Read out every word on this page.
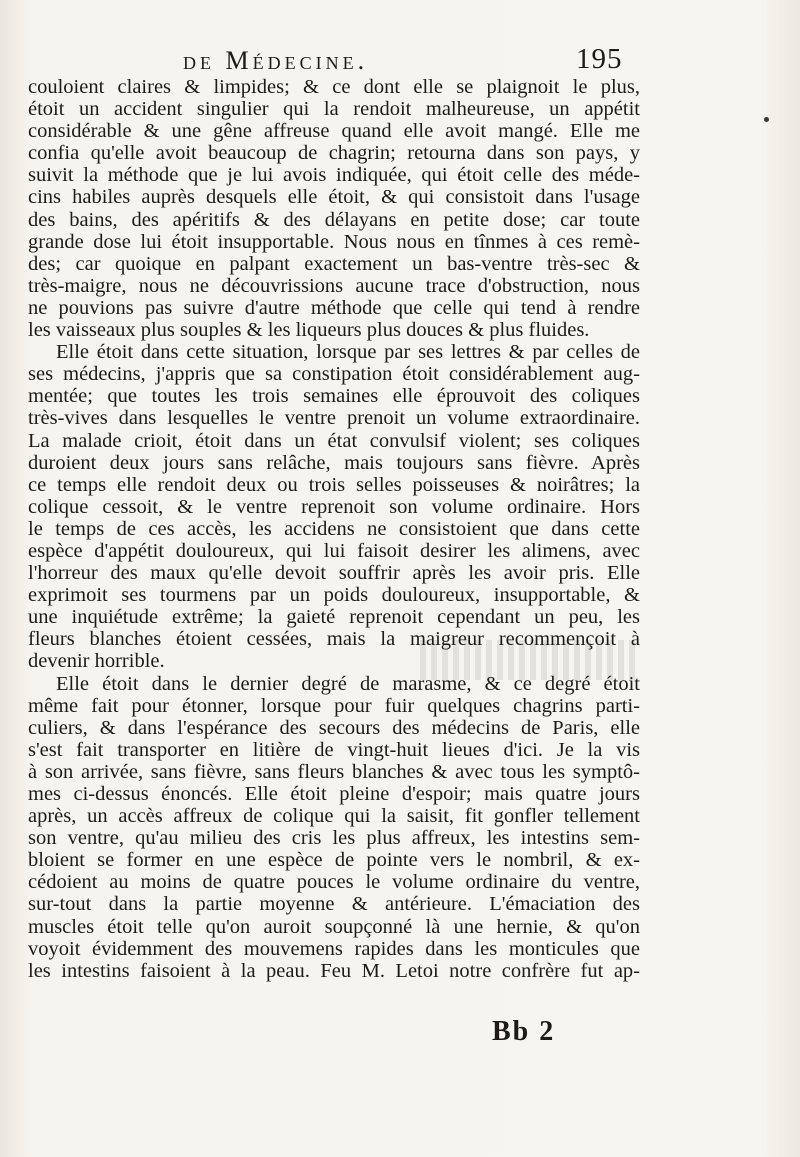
de Médecine.	195
couloient claires & limpides; & ce dont elle se plaignoit le plus,
étoit un accident singulier qui la rendoit malheureuse, un appétit
considérable & une gêne affreuse quand elle avoit mangé. Elle me
confia qu'elle avoit beaucoup de chagrin; retourna dans son pays, y
suivit la méthode que je lui avois indiquée, qui étoit celle des méde-
cins habiles auprès desquels elle étoit, & qui consistoit dans l'usage
des bains, des apéritifs & des délayans en petite dose; car toute
grande dose lui étoit insupportable. Nous nous en tînmes à ces remè-
des; car quoique en palpant exactement un bas-ventre très-sec &
très-maigre, nous ne découvrissions aucune trace d'obstruction, nous
ne pouvions pas suivre d'autre méthode que celle qui tend à rendre
les vaisseaux plus souples & les liqueurs plus douces & plus fluides.
Elle étoit dans cette situation, lorsque par ses lettres & par celles de
ses médecins, j'appris que sa constipation étoit considérablement aug-
mentée; que toutes les trois semaines elle éprouvoit des coliques
très-vives dans lesquelles le ventre prenoit un volume extraordinaire.
La malade crioit, étoit dans un état convulsif violent; ses coliques
duroient deux jours sans relâche, mais toujours sans fièvre. Après
ce temps elle rendoit deux ou trois selles poisseuses & noirâtres; la
colique cessoit, & le ventre reprenoit son volume ordinaire. Hors
le temps de ces accès, les accidens ne consistoient que dans cette
espèce d'appétit douloureux, qui lui faisoit desirer les alimens, avec
l'horreur des maux qu'elle devoit souffrir après les avoir pris. Elle
exprimoit ses tourmens par un poids douloureux, insupportable, &
une inquiétude extrême; la gaieté reprenoit cependant un peu, les
fleurs blanches étoient cessées, mais la maigreur recommençoit à
devenir horrible.
Elle étoit dans le dernier degré de marasme, & ce degré étoit
même fait pour étonner, lorsque pour fuir quelques chagrins parti-
culiers, & dans l'espérance des secours des médecins de Paris, elle
s'est fait transporter en litière de vingt-huit lieues d'ici. Je la vis
à son arrivée, sans fièvre, sans fleurs blanches & avec tous les symptô-
mes ci-dessus énoncés. Elle étoit pleine d'espoir; mais quatre jours
après, un accès affreux de colique qui la saisit, fit gonfler tellement
son ventre, qu'au milieu des cris les plus affreux, les intestins sem-
bloient se former en une espèce de pointe vers le nombril, & ex-
cédoient au moins de quatre pouces le volume ordinaire du ventre,
sur-tout dans la partie moyenne & antérieure. L'émaciation des
muscles étoit telle qu'on auroit soupçonné là une hernie, & qu'on
voyoit évidemment des mouvemens rapides dans les monticules que
les intestins faisoient à la peau. Feu M. Letoi notre confrère fut ap-
Bb 2
